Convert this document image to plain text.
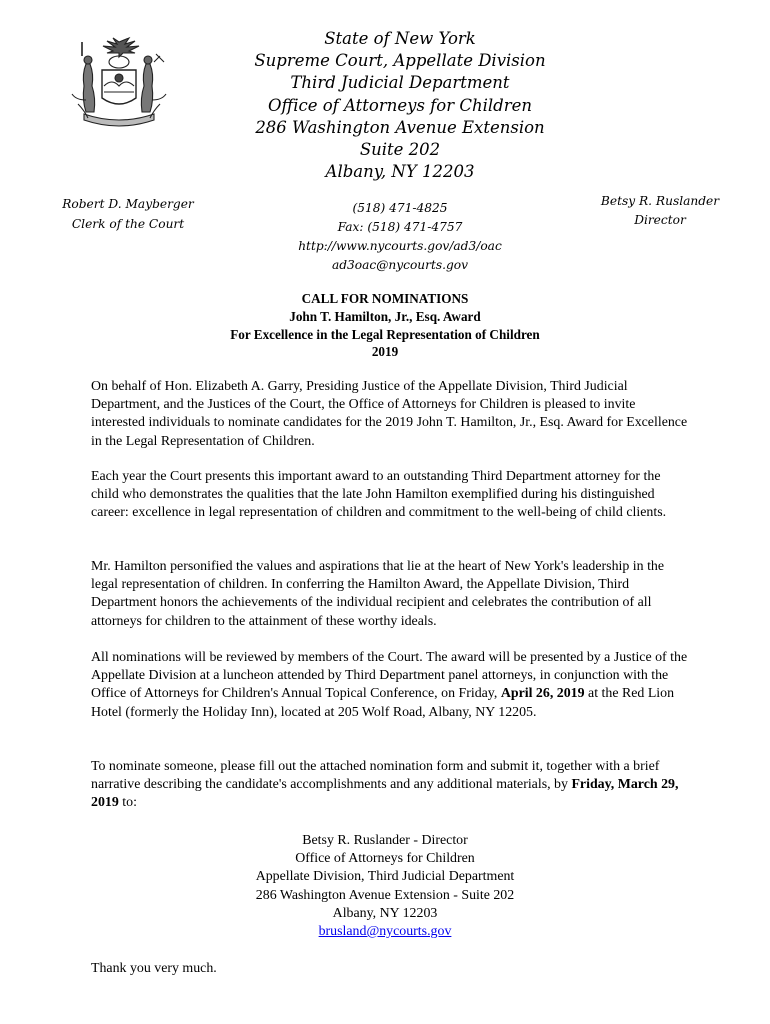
State of New York
Supreme Court, Appellate Division
Third Judicial Department
Office of Attorneys for Children
286 Washington Avenue Extension
Suite 202
Albany, NY 12203
Robert D. Mayberger
Clerk of the Court
(518) 471-4825
Fax: (518) 471-4757
http://www.nycourts.gov/ad3/oac
ad3oac@nycourts.gov
Betsy R. Ruslander
Director
CALL FOR NOMINATIONS
John T. Hamilton, Jr., Esq. Award
For Excellence in the Legal Representation of Children
2019

On behalf of Hon. Elizabeth A. Garry, Presiding Justice of the Appellate Division, Third Judicial Department, and the Justices of the Court, the Office of Attorneys for Children is pleased to invite interested individuals to nominate candidates for the 2019 John T. Hamilton, Jr., Esq. Award for Excellence in the Legal Representation of Children.

Each year the Court presents this important award to an outstanding Third Department attorney for the child who demonstrates the qualities that the late John Hamilton exemplified during his distinguished career: excellence in legal representation of children and commitment to the well-being of child clients.

Mr. Hamilton personified the values and aspirations that lie at the heart of New York's leadership in the legal representation of children. In conferring the Hamilton Award, the Appellate Division, Third Department honors the achievements of the individual recipient and celebrates the contribution of all attorneys for children to the attainment of these worthy ideals.

All nominations will be reviewed by members of the Court. The award will be presented by a Justice of the Appellate Division at a luncheon attended by Third Department panel attorneys, in conjunction with the Office of Attorneys for Children's Annual Topical Conference, on Friday, April 26, 2019 at the Red Lion Hotel (formerly the Holiday Inn), located at 205 Wolf Road, Albany, NY 12205.

To nominate someone, please fill out the attached nomination form and submit it, together with a brief narrative describing the candidate's accomplishments and any additional materials, by Friday, March 29, 2019 to:

Betsy R. Ruslander - Director
Office of Attorneys for Children
Appellate Division, Third Judicial Department
286 Washington Avenue Extension - Suite 202
Albany, NY 12203
brusland@nycourts.gov
Thank you very much.
